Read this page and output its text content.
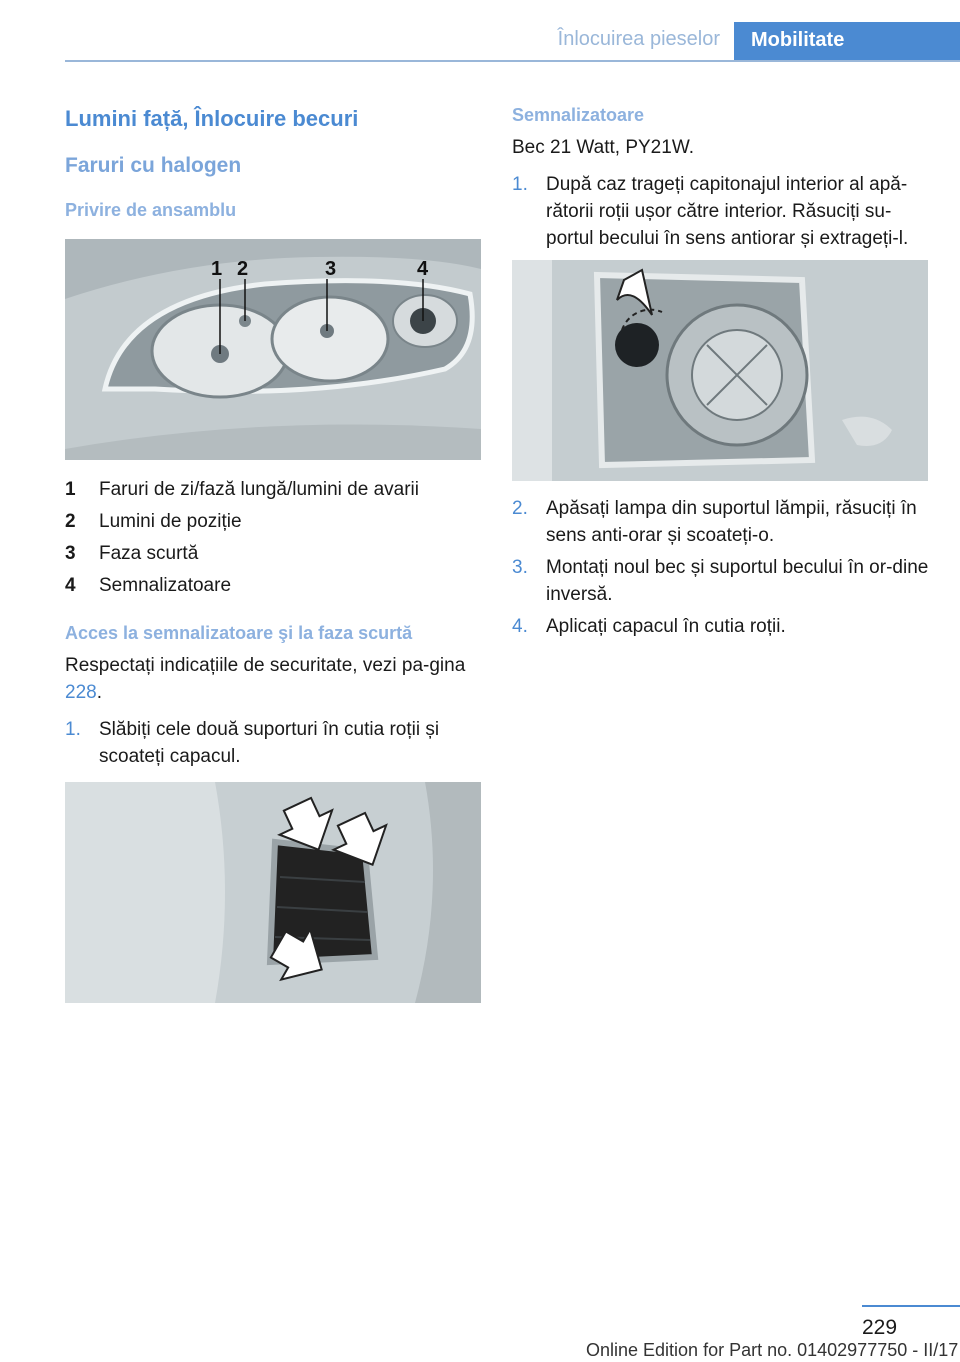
Înlocuirea pieselor	Mobilitate
Lumini față, Înlocuire becuri
Faruri cu halogen
Privire de ansamblu
1 2	3	4
1	Faruri de zi/fază lungă/lumini de avarii
2	Lumini de poziție
3	Faza scurtă
4	Semnalizatoare
Acces la semnalizatoare şi la faza scurtă
Respectați indicațiile de securitate, vezi pa-gina 228.
1. Slăbiți cele două suporturi în cutia roții și scoateți capacul.
Semnalizatoare
Bec 21 Watt, PY21W.
1. După caz trageți capitonajul interior al apă-rătorii roții ușor către interior. Răsuciți su-portul becului în sens antiorar și extrageți-l.
2. Apăsați lampa din suportul lămpii, răsuciți în sens anti-orar și scoateți-o.
3. Montați noul bec și suportul becului în or-dine inversă.
4. Aplicați capacul în cutia roții.
229
Online Edition for Part no. 01402977750 - II/17
